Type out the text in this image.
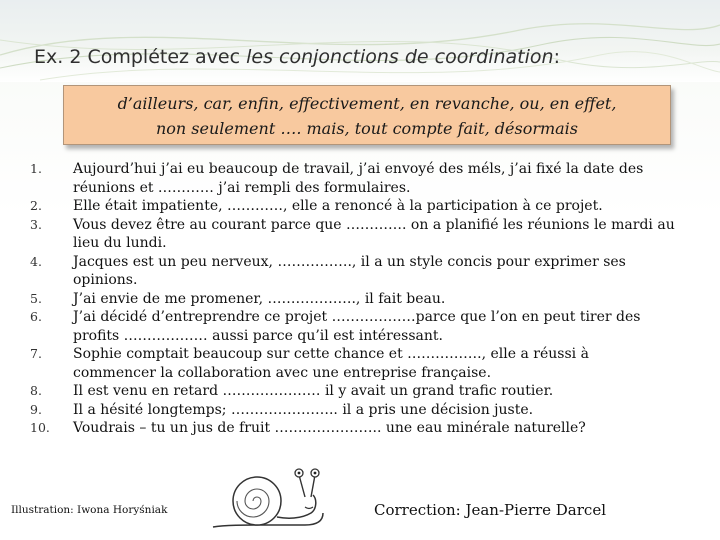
Ex. 2 Complétez avec les conjonctions de coordination:
d’ailleurs, car, enfin, effectivement, en revanche, ou, en effet,
non seulement …. mais, tout compte fait, désormais
1.	Aujourd’hui j’ai eu beaucoup de travail, j’ai envoyé des méls, j’ai fixé la date des réunions et ………… j’ai rempli des formulaires.
2.	Elle était impatiente, …………, elle a renoncé à la participation à ce projet.
3.	Vous devez être au courant parce que …………. on a planifié les réunions le mardi au lieu du lundi.
4.	Jacques est un peu nerveux, ……………., il a un style concis pour exprimer ses opinions.
5.	J’ai envie de me promener, ………………., il fait beau.
6.	J’ai décidé d’entreprendre ce projet ………………parce que l’on en peut tirer des profits ……………… aussi parce qu’il est intéressant.
7.	Sophie comptait beaucoup sur cette chance et ……………., elle a réussi à commencer la collaboration avec une entreprise française.
8.	Il est venu en retard ………………… il y avait un grand trafic routier.
9.	Il a hésité longtemps; ………………….. il a pris une décision juste.
10.	Voudrais – tu un jus de fruit ………………….. une eau minérale naturelle?
Illustration: Iwona Horyśniak	Correction: Jean-Pierre Darcel
